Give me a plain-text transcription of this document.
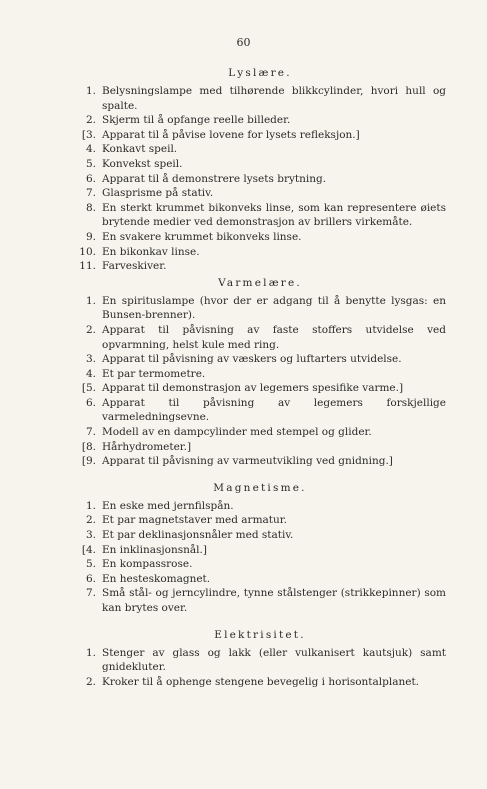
60
Lyslære.
1. Belysningslampe med tilhørende blikkcylinder, hvori hull og spalte.
2. Skjerm til å opfange reelle billeder.
[3. Apparat til å påvise lovene for lysets refleksjon.]
4. Konkavt speil.
5. Konvekst speil.
6. Apparat til å demonstrere lysets brytning.
7. Glasprisme på stativ.
8. En sterkt krummet bikonveks linse, som kan representere øiets brytende medier ved demonstrasjon av brillers virkemåte.
9. En svakere krummet bikonveks linse.
10. En bikonkav linse.
11. Farveskiver.
Varmelære.
1. En spirituslampe (hvor der er adgang til å benytte lysgas: en Bunsen-brenner).
2. Apparat til påvisning av faste stoffers utvidelse ved opvarmning, helst kule med ring.
3. Apparat til påvisning av væskers og luftarters utvidelse.
4. Et par termometre.
[5. Apparat til demonstrasjon av legemers spesifike varme.]
6. Apparat til påvisning av legemers forskjellige varmeledningsevne.
7. Modell av en dampcylinder med stempel og glider.
[8. Hårhydrometer.]
[9. Apparat til påvisning av varmeutvikling ved gnidning.]
Magnetisme.
1. En eske med jernfilspån.
2. Et par magnetstaver med armatur.
3. Et par deklinasjonsnåler med stativ.
[4. En inklinasjonsnål.]
5. En kompassrose.
6. En hesteskomagnet.
7. Små stål- og jerncylindre, tynne stålstenger (strikkepinner) som kan brytes over.
Elektrisitet.
1. Stenger av glass og lakk (eller vulkanisert kautsjuk) samt gnidekluter.
2. Kroker til å ophenge stengene bevegelig i horisontalplanet.
